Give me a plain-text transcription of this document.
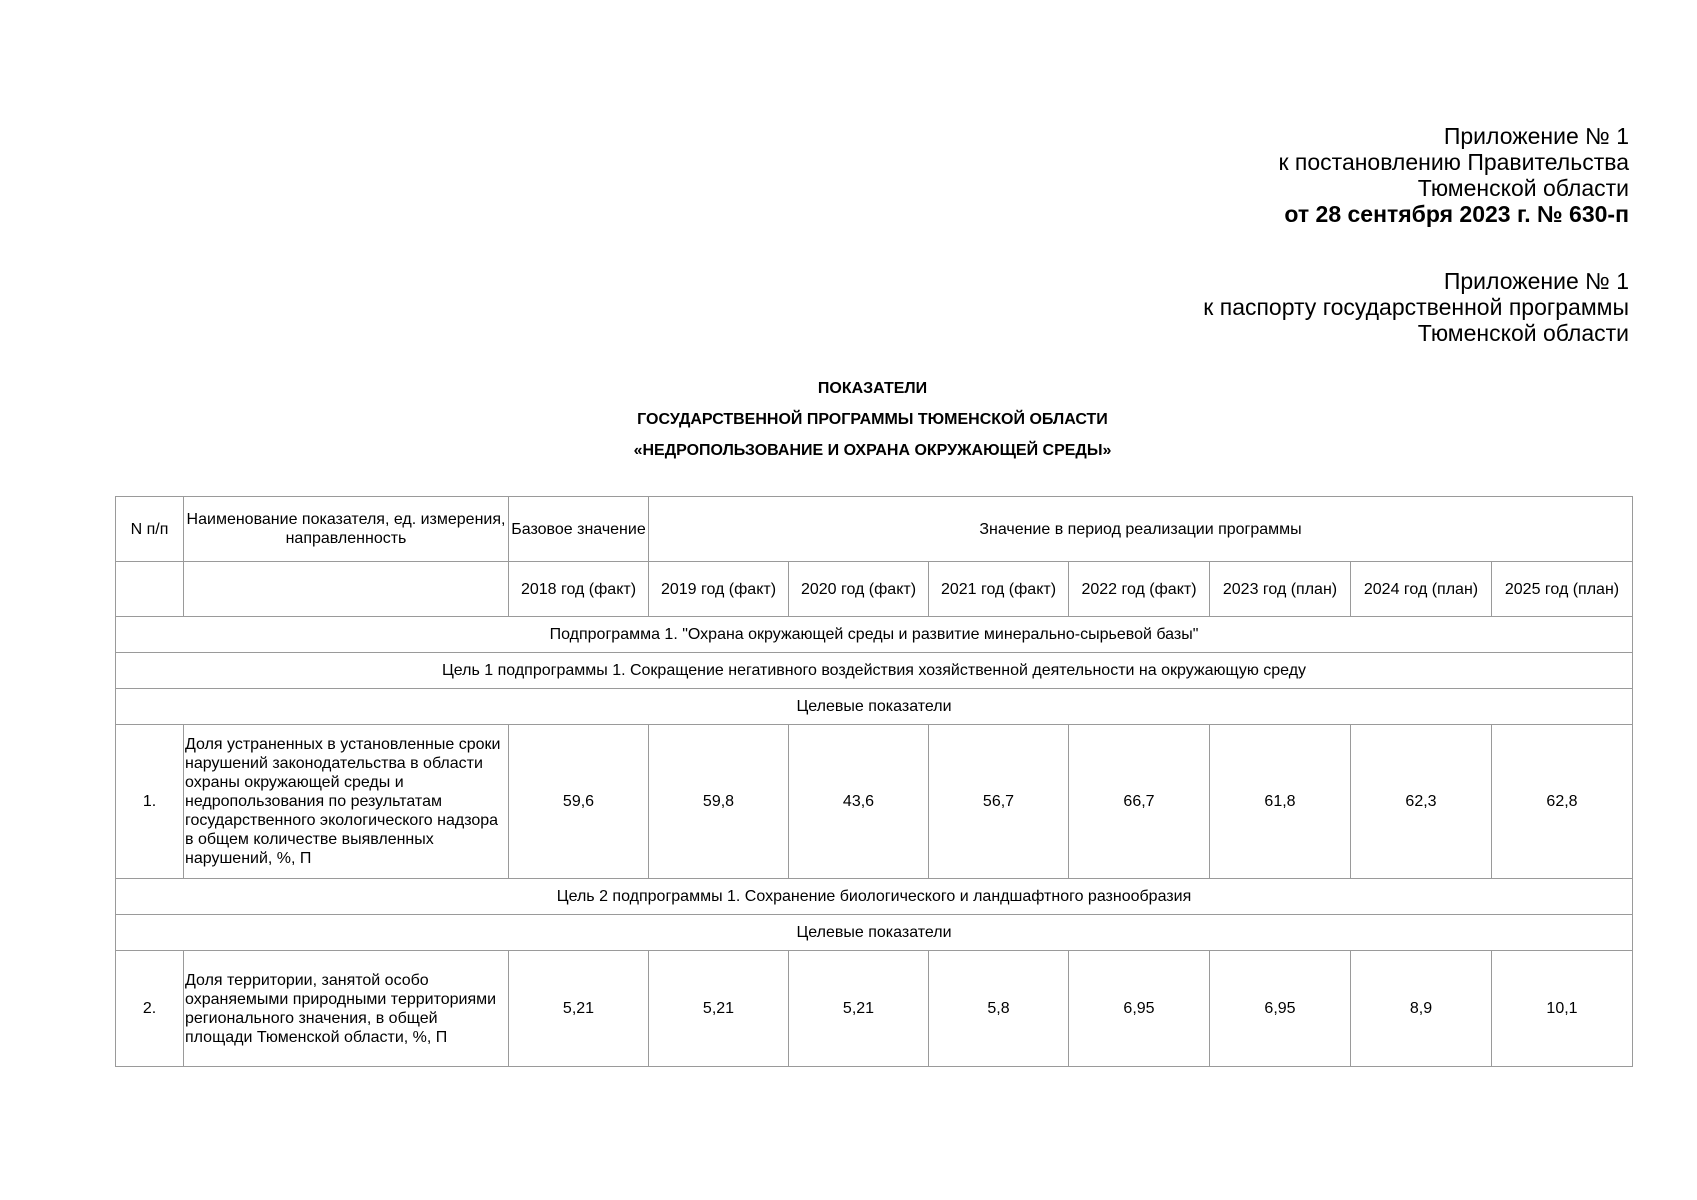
Приложение № 1
к постановлению Правительства
Тюменской области
от 28 сентября 2023 г. № 630-п
Приложение № 1
к паспорту государственной программы
Тюменской области
ПОКАЗАТЕЛИ
ГОСУДАРСТВЕННОЙ ПРОГРАММЫ ТЮМЕНСКОЙ ОБЛАСТИ
«НЕДРОПОЛЬЗОВАНИЕ И ОХРАНА ОКРУЖАЮЩЕЙ СРЕДЫ»
N п/п	Наименование показателя, ед. измерения, направленность	Базовое значение	Значение в период реализации программы						
		2018 год (факт)	2019 год (факт)	2020 год (факт)	2021 год (факт)	2022 год (факт)	2023 год (план)	2024 год (план)	2025 год (план)
Подпрограмма 1. "Охрана окружающей среды и развитие минерально-сырьевой базы"									
Цель 1 подпрограммы 1. Сокращение негативного воздействия хозяйственной деятельности на окружающую среду									
Целевые показатели									
1.	Доля устраненных в установленные сроки нарушений законодательства в области охраны окружающей среды и недропользования по результатам государственного экологического надзора в общем количестве выявленных нарушений, %, П	59,6	59,8	43,6	56,7	66,7	61,8	62,3	62,8
Цель 2 подпрограммы 1. Сохранение биологического и ландшафтного разнообразия									
Целевые показатели									
2.	Доля территории, занятой особо охраняемыми природными территориями регионального значения, в общей площади Тюменской области, %, П	5,21	5,21	5,21	5,8	6,95	6,95	8,9	10,1
